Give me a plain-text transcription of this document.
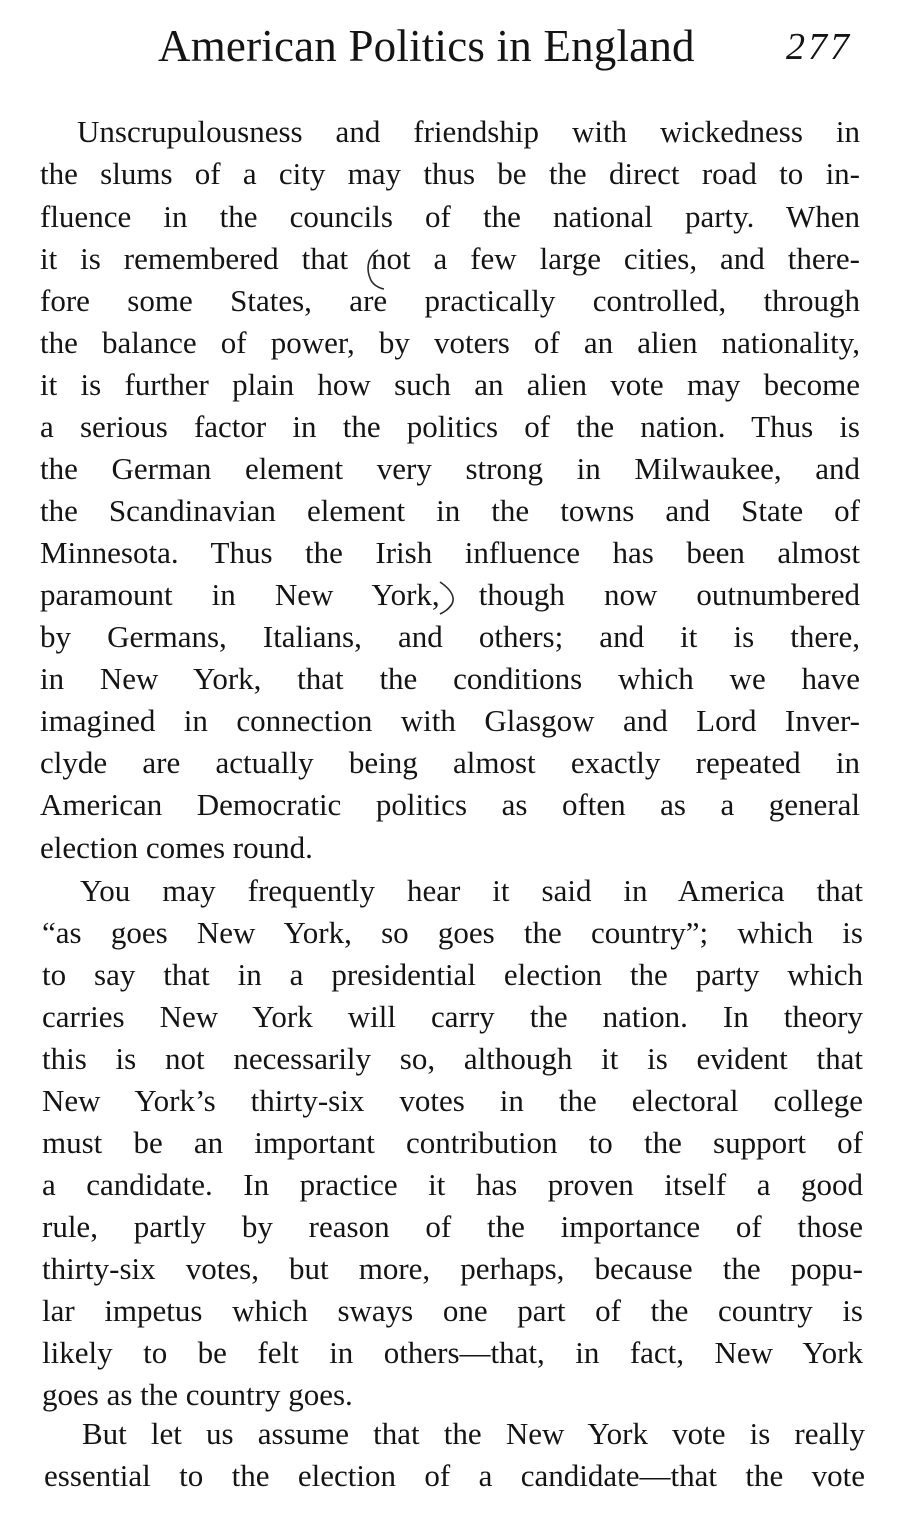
American Politics in England 277
Unscrupulousness and friendship with wickedness in
the slums of a city may thus be the direct road to in-
fluence in the councils of the national party. When
it is remembered that not a few large cities, and there-
fore some States, are practically controlled, through
the balance of power, by voters of an alien nationality,
it is further plain how such an alien vote may become
a serious factor in the politics of the nation. Thus is
the German element very strong in Milwaukee, and
the Scandinavian element in the towns and State of
Minnesota. Thus the Irish influence has been almost
paramount in New York, though now outnumbered
by Germans, Italians, and others; and it is there,
in New York, that the conditions which we have
imagined in connection with Glasgow and Lord Inver-
clyde are actually being almost exactly repeated in
American Democratic politics as often as a general
election comes round.
You may frequently hear it said in America that
“as goes New York, so goes the country”; which is
to say that in a presidential election the party which
carries New York will carry the nation. In theory
this is not necessarily so, although it is evident that
New York’s thirty-six votes in the electoral college
must be an important contribution to the support of
a candidate. In practice it has proven itself a good
rule, partly by reason of the importance of those
thirty-six votes, but more, perhaps, because the popu-
lar impetus which sways one part of the country is
likely to be felt in others—that, in fact, New York
goes as the country goes.
But let us assume that the New York vote is really
essential to the election of a candidate—that the vote
